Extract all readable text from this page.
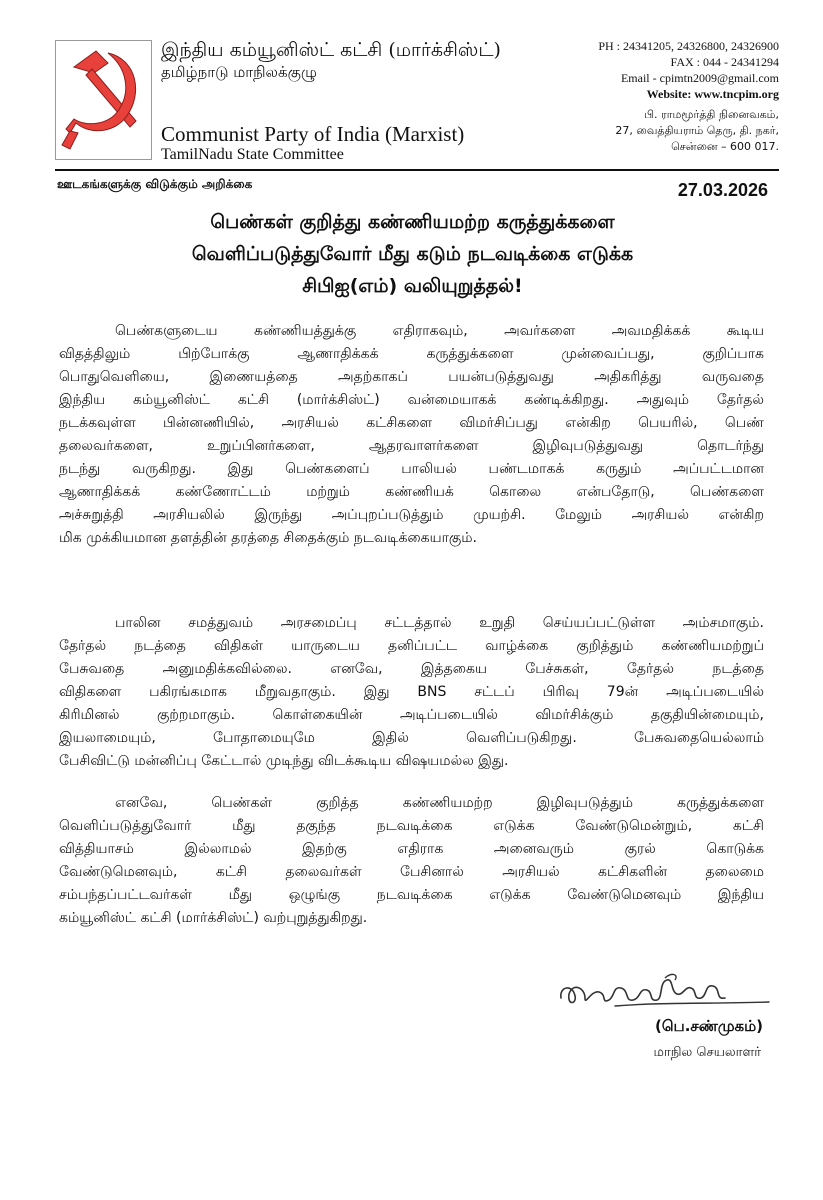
இந்திய கம்யூனிஸ்ட் கட்சி (மார்க்சிஸ்ட்)

தமிழ்நாடு மாநிலக்குழு

Communist Party of India (Marxist)
TamilNadu State Committee
PH : 24341205, 24326800, 24326900
FAX : 044 - 24341294
Email - cpimtn2009@gmail.com
Website: www.tncpim.org
பி. ராமமூர்த்தி நினைவகம்,
27, வைத்தியராம் தெரு, தி. நகர்,
சென்னை – 600 017.
ஊடகங்களுக்கு விடுக்கும் அறிக்கை	27.03.2026
பெண்கள் குறித்து கண்ணியமற்ற கருத்துக்களை
வெளிப்படுத்துவோர் மீது கடும் நடவடிக்கை எடுக்க
சிபிஐ(எம்) வலியுறுத்தல்!
பெண்களுடைய கண்ணியத்துக்கு எதிராகவும், அவர்களை அவமதிக்கக் கூடிய
விதத்திலும் பிற்போக்கு ஆணாதிக்கக் கருத்துக்களை முன்வைப்பது, குறிப்பாக
பொதுவெளியை, இணையத்தை அதற்காகப் பயன்படுத்துவது அதிகரித்து வருவதை
இந்திய கம்யூனிஸ்ட் கட்சி (மார்க்சிஸ்ட்) வன்மையாகக் கண்டிக்கிறது. அதுவும் தேர்தல்
நடக்கவுள்ள பின்னணியில், அரசியல் கட்சிகளை விமர்சிப்பது என்கிற பெயரில், பெண்
தலைவர்களை, உறுப்பினர்களை, ஆதரவாளர்களை இழிவுபடுத்துவது தொடர்ந்து
நடந்து வருகிறது. இது பெண்களைப் பாலியல் பண்டமாகக் கருதும் அப்பட்டமான
ஆணாதிக்கக் கண்ணோட்டம் மற்றும் கண்ணியக் கொலை என்பதோடு, பெண்களை
அச்சுறுத்தி அரசியலில் இருந்து அப்புறப்படுத்தும் முயற்சி. மேலும் அரசியல் என்கிற
மிக முக்கியமான தளத்தின் தரத்தை சிதைக்கும் நடவடிக்கையாகும்.
பாலின சமத்துவம் அரசமைப்பு சட்டத்தால் உறுதி செய்யப்பட்டுள்ள அம்சமாகும்.
தேர்தல் நடத்தை விதிகள் யாருடைய தனிப்பட்ட வாழ்க்கை குறித்தும் கண்ணியமற்றுப்
பேசுவதை அனுமதிக்கவில்லை. எனவே, இத்தகைய பேச்சுகள், தேர்தல் நடத்தை
விதிகளை பகிரங்கமாக மீறுவதாகும். இது BNS சட்டப் பிரிவு 79ன் அடிப்படையில்
கிரிமினல் குற்றமாகும். கொள்கையின் அடிப்படையில் விமர்சிக்கும் தகுதியின்மையும்,
இயலாமையும், போதாமையுமே இதில் வெளிப்படுகிறது. பேசுவதையெல்லாம்
பேசிவிட்டு மன்னிப்பு கேட்டால் முடிந்து விடக்கூடிய விஷயமல்ல இது.
எனவே, பெண்கள் குறித்த கண்ணியமற்ற இழிவுபடுத்தும் கருத்துக்களை
வெளிப்படுத்துவோர் மீது தகுந்த நடவடிக்கை எடுக்க வேண்டுமென்றும், கட்சி
வித்தியாசம் இல்லாமல் இதற்கு எதிராக அனைவரும் குரல் கொடுக்க
வேண்டுமெனவும், கட்சி தலைவர்கள் பேசினால் அரசியல் கட்சிகளின் தலைமை
சம்பந்தப்பட்டவர்கள் மீது ஒழுங்கு நடவடிக்கை எடுக்க வேண்டுமெனவும் இந்திய
கம்யூனிஸ்ட் கட்சி (மார்க்சிஸ்ட்) வற்புறுத்துகிறது.
(பெ.சண்முகம்)
மாநில செயலாளர்
